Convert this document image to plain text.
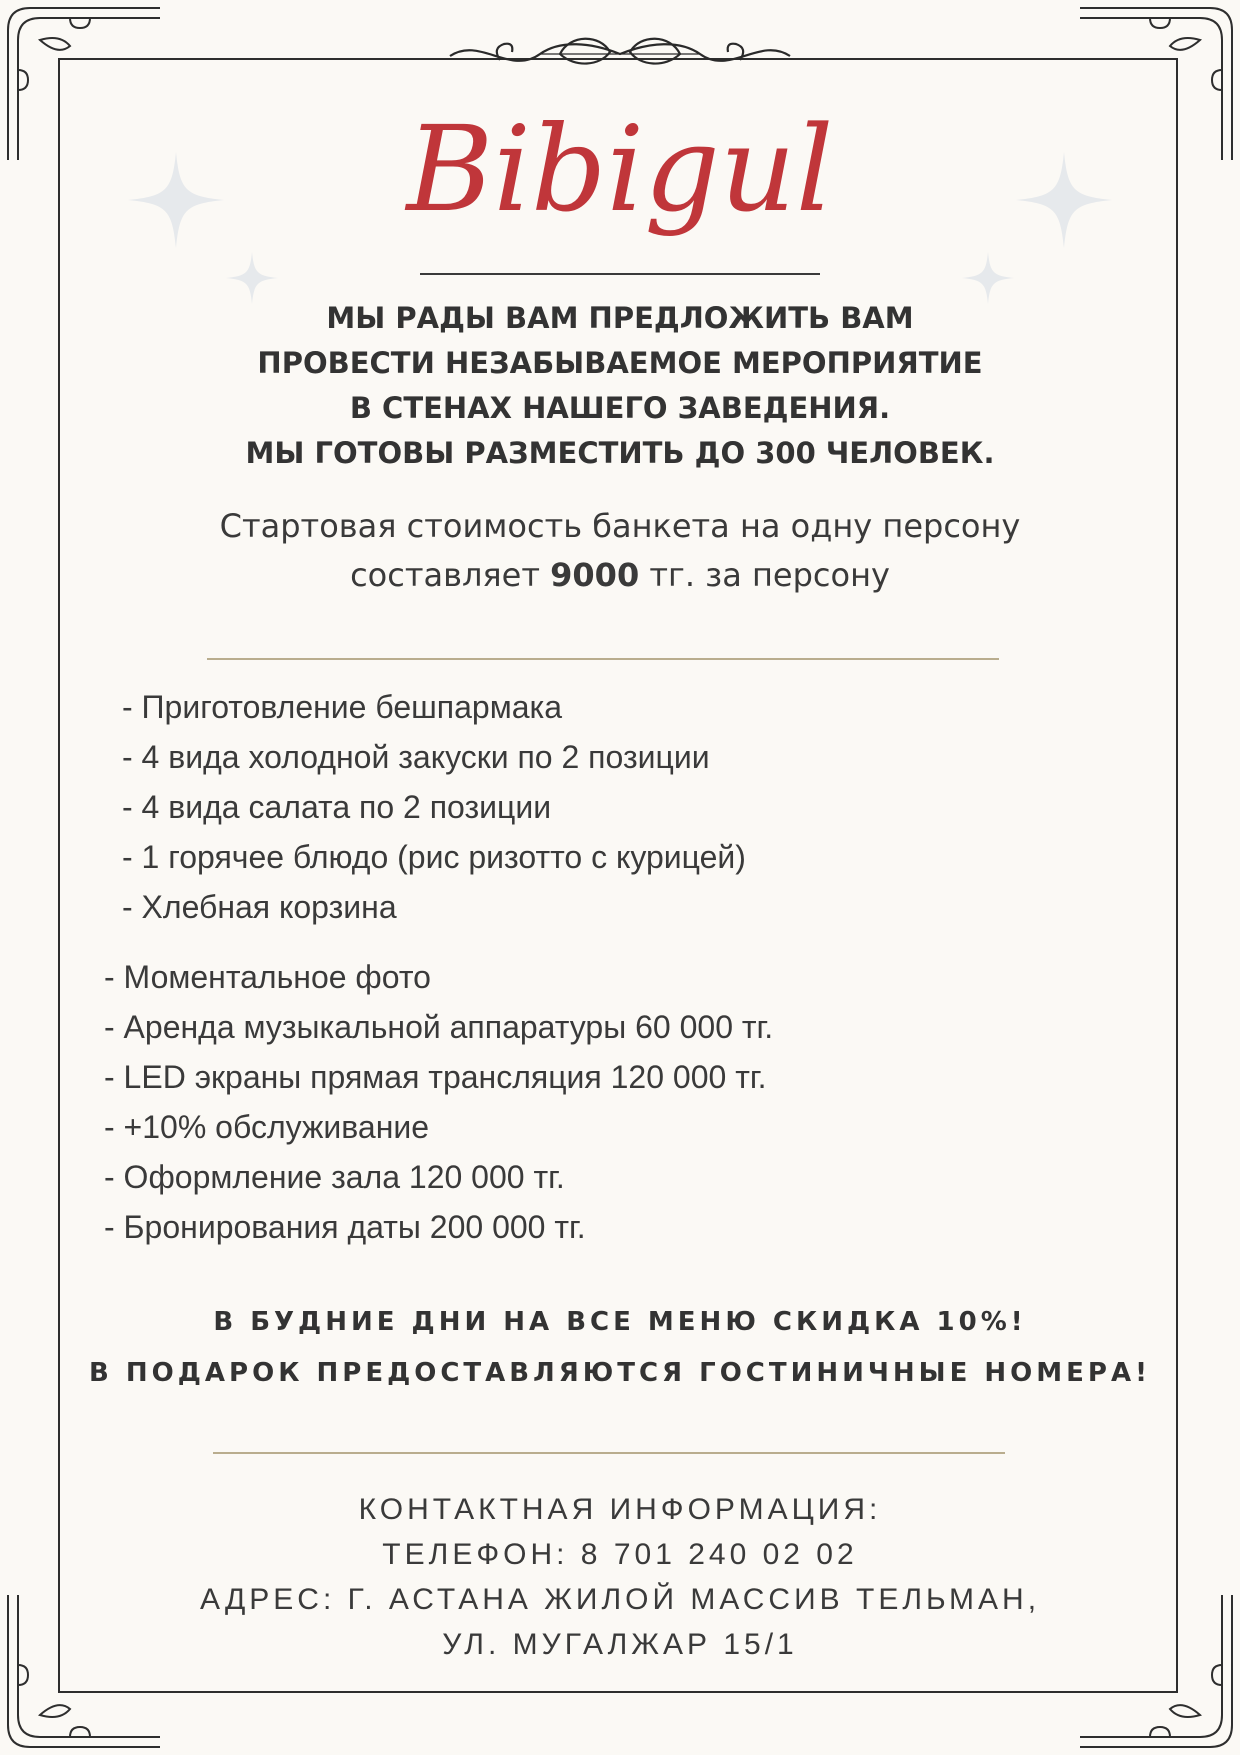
Bibigul
МЫ РАДЫ ВАМ ПРЕДЛОЖИТЬ ВАМ
ПРОВЕСТИ НЕЗАБЫВАЕМОЕ МЕРОПРИЯТИЕ
В СТЕНАХ НАШЕГО ЗАВЕДЕНИЯ.
МЫ ГОТОВЫ РАЗМЕСТИТЬ ДО 300 ЧЕЛОВЕК.
Стартовая стоимость банкета на одну персону
составляет 9000 тг. за персону
- Приготовление бешпармака
- 4 вида холодной закуски по 2 позиции
- 4 вида салата по 2 позиции
- 1 горячее блюдо (рис ризотто с курицей)
- Хлебная корзина
- Моментальное фото
- Аренда музыкальной аппаратуры 60 000 тг.
- LED экраны прямая трансляция 120 000 тг.
- +10% обслуживание
- Оформление зала 120 000 тг.
- Бронирования даты 200 000 тг.
В БУДНИЕ ДНИ НА ВСЕ МЕНЮ СКИДКА 10%!
В ПОДАРОК ПРЕДОСТАВЛЯЮТСЯ ГОСТИНИЧНЫЕ НОМЕРА!
КОНТАКТНАЯ ИНФОРМАЦИЯ:
ТЕЛЕФОН: 8 701 240 02 02
АДРЕС: Г. АСТАНА ЖИЛОЙ МАССИВ ТЕЛЬМАН,
УЛ. МУГАЛЖАР 15/1
